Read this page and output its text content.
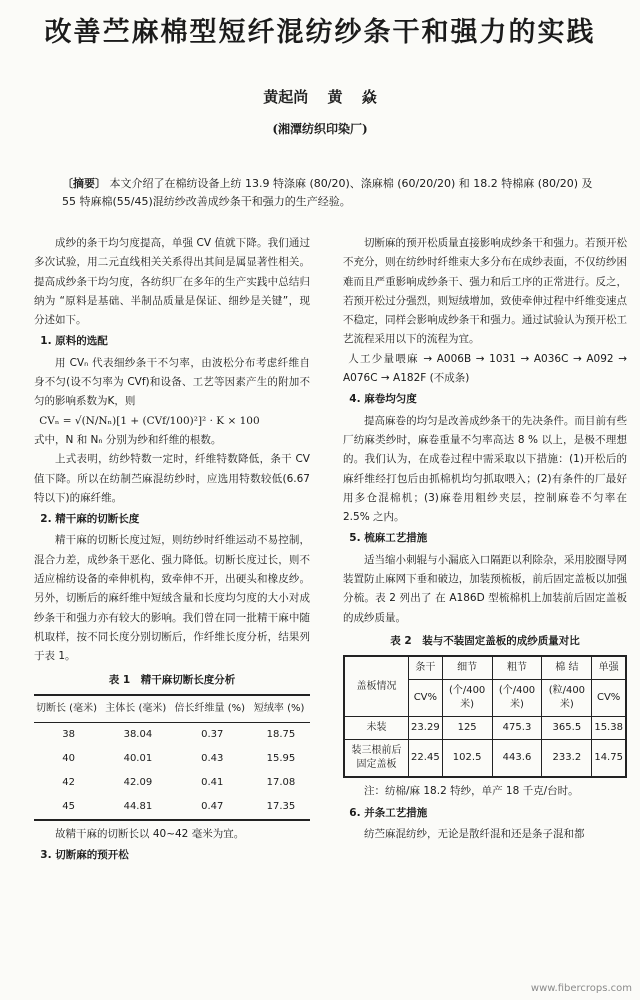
改善苎麻棉型短纤混纺纱条干和强力的实践
黄起尚 黄 焱
(湘潭纺织印染厂)
〔摘要〕 本文介绍了在棉纺设备上纺 13.9 特涤麻 (80/20)、涤麻棉 (60/20/20) 和 18.2 特棉麻 (80/20) 及 55 特麻棉(55/45)混纺纱改善成纱条干和强力的生产经验。

成纱的条干均匀度提高，单强 CV 值就下降。我们通过多次试验，用二元直线相关关系得出其间是属显著性相关。提高成纱条干均匀度，各纺织厂在多年的生产实践中总结归纳为 “原料是基础、半制品质量是保证、细纱是关键”，现分述如下。

1. 原料的选配

用 CVₙ 代表细纱条干不匀率，由波松分布考虑纤维自身不匀(设不匀率为 CVf)和设备、工艺等因素产生的附加不匀的影响系数为K，则

CVₙ = √(N/Nₙ)[1 + (CVf/100)²]² · K × 100

式中，N 和 Nₙ 分别为纱和纤维的根数。

上式表明，纺纱特数一定时，纤维特数降低，条干 CV 值下降。所以在纺制苎麻混纺纱时，应选用特数较低(6.67 特以下)的麻纤维。

2. 精干麻的切断长度

精干麻的切断长度过短，则纺纱时纤维运动不易控制，混合力差，成纱条干恶化、强力降低。切断长度过长，则不适应棉纺设备的牵伸机构，致牵伸不开，出硬头和橡皮纱。另外，切断后的麻纤维中短绒含量和长度均匀度的大小对成纱条干和强力亦有较大的影响。我们曾在同一批精干麻中随机取样，按不同长度分别切断后，作纤维长度分析，结果列于表 1。

表 1　精干麻切断长度分析
切断长 (毫米)	主体长 (毫米)	倍长纤维量 (%)	短绒率 (%)
38	38.04	0.37	18.75
40	40.01	0.43	15.95
42	42.09	0.41	17.08
45	44.81	0.47	17.35

故精干麻的切断长以 40~42 毫米为宜。

3. 切断麻的预开松

切断麻的预开松质量直接影响成纱条干和强力。若预开松不充分，则在纺纱时纤维束大多分布在成纱表面，不仅纺纱困难而且严重影响成纱条干、强力和后工序的正常进行。反之，若预开松过分强烈，则短绒增加，致使牵伸过程中纤维变速点不稳定，同样会影响成纱条干和强力。通过试验认为预开松工艺流程采用以下的流程为宜。

人工少量喂麻 → A006B → 1031 → A036C → A092 → A076C → A182F (不成条)

4. 麻卷均匀度

提高麻卷的均匀是改善成纱条干的先决条件。而目前有些厂纺麻类纱时，麻卷重量不匀率高达 8 % 以上，是极不理想的。我们认为，在成卷过程中需采取以下措施：(1)开松后的麻纤维经打包后由抓棉机均匀抓取喂入；(2)有条件的厂最好用多仓混棉机；(3)麻卷用粗纱夹层，控制麻卷不匀率在 2.5% 之内。

5. 梳麻工艺措施

适当缩小刺辊与小漏底入口隔距以利除杂，采用胶圈导网装置防止麻网下垂和破边，加装预梳板，前后固定盖板以加强分梳。表 2 列出了 在 A186D 型梳棉机上加装前后固定盖板的成纱质量。

表 2　装与不装固定盖板的成纱质量对比
盖板情况	条干	细节	粗节	棉 结	单强
	CV%	(个/400米)	(个/400米)	(粒/400米)	CV%
未装	23.29	125	475.3	365.5	15.38
装三根前后固定盖板	22.45	102.5	443.6	233.2	14.75

注：纺棉/麻 18.2 特纱，单产 18 千克/台时。

6. 并条工艺措施

纺苎麻混纺纱，无论是散纤混和还是条子混和都

www.fibercrops.com
